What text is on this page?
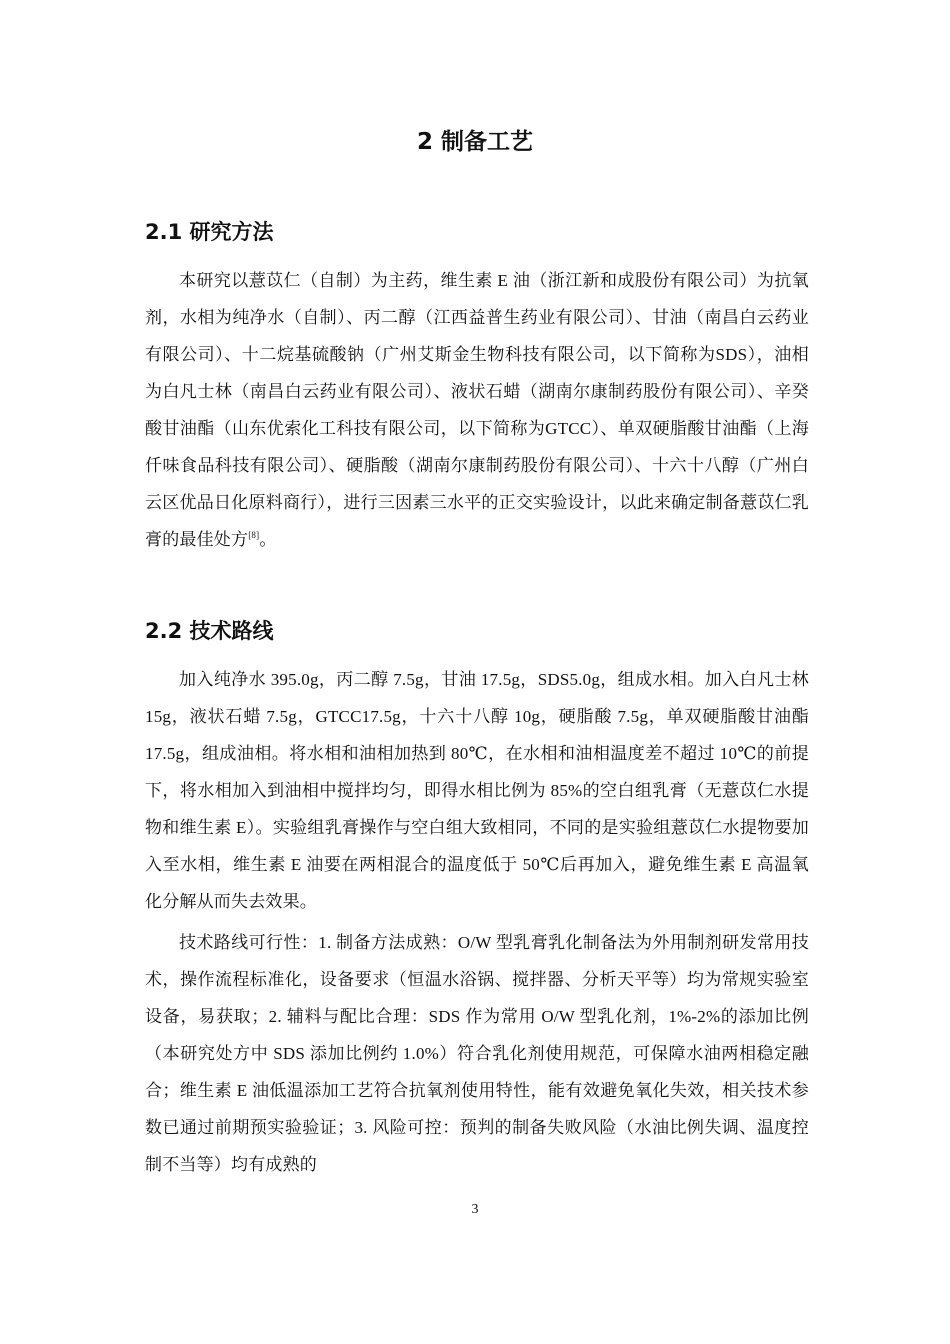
2 制备工艺
2.1 研究方法

本研究以薏苡仁（自制）为主药，维生素 E 油（浙江新和成股份有限公司）为抗氧剂，水相为纯净水（自制）、丙二醇（江西益普生药业有限公司）、甘油（南昌白云药业有限公司）、十二烷基硫酸钠（广州艾斯金生物科技有限公司，以下简称为SDS），油相为白凡士林（南昌白云药业有限公司）、液状石蜡（湖南尔康制药股份有限公司）、辛癸酸甘油酯（山东优索化工科技有限公司，以下简称为GTCC）、单双硬脂酸甘油酯（上海仟味食品科技有限公司）、硬脂酸（湖南尔康制药股份有限公司）、十六十八醇（广州白云区优品日化原料商行），进行三因素三水平的正交实验设计，以此来确定制备薏苡仁乳膏的最佳处方[8]。

2.2 技术路线

加入纯净水 395.0g，丙二醇 7.5g，甘油 17.5g，SDS5.0g，组成水相。加入白凡士林 15g，液状石蜡 7.5g，GTCC17.5g，十六十八醇 10g，硬脂酸 7.5g，单双硬脂酸甘油酯 17.5g，组成油相。将水相和油相加热到 80℃，在水相和油相温度差不超过 10℃的前提下，将水相加入到油相中搅拌均匀，即得水相比例为 85%的空白组乳膏（无薏苡仁水提物和维生素 E）。实验组乳膏操作与空白组大致相同，不同的是实验组薏苡仁水提物要加入至水相，维生素 E 油要在两相混合的温度低于 50℃后再加入，避免维生素 E 高温氧化分解从而失去效果。

技术路线可行性：1. 制备方法成熟：O/W 型乳膏乳化制备法为外用制剂研发常用技术，操作流程标准化，设备要求（恒温水浴锅、搅拌器、分析天平等）均为常规实验室设备，易获取；2. 辅料与配比合理：SDS 作为常用 O/W 型乳化剂，1%-2%的添加比例（本研究处方中 SDS 添加比例约 1.0%）符合乳化剂使用规范，可保障水油两相稳定融合；维生素 E 油低温添加工艺符合抗氧剂使用特性，能有效避免氧化失效，相关技术参数已通过前期预实验验证；3. 风险可控：预判的制备失败风险（水油比例失调、温度控制不当等）均有成熟的

3
